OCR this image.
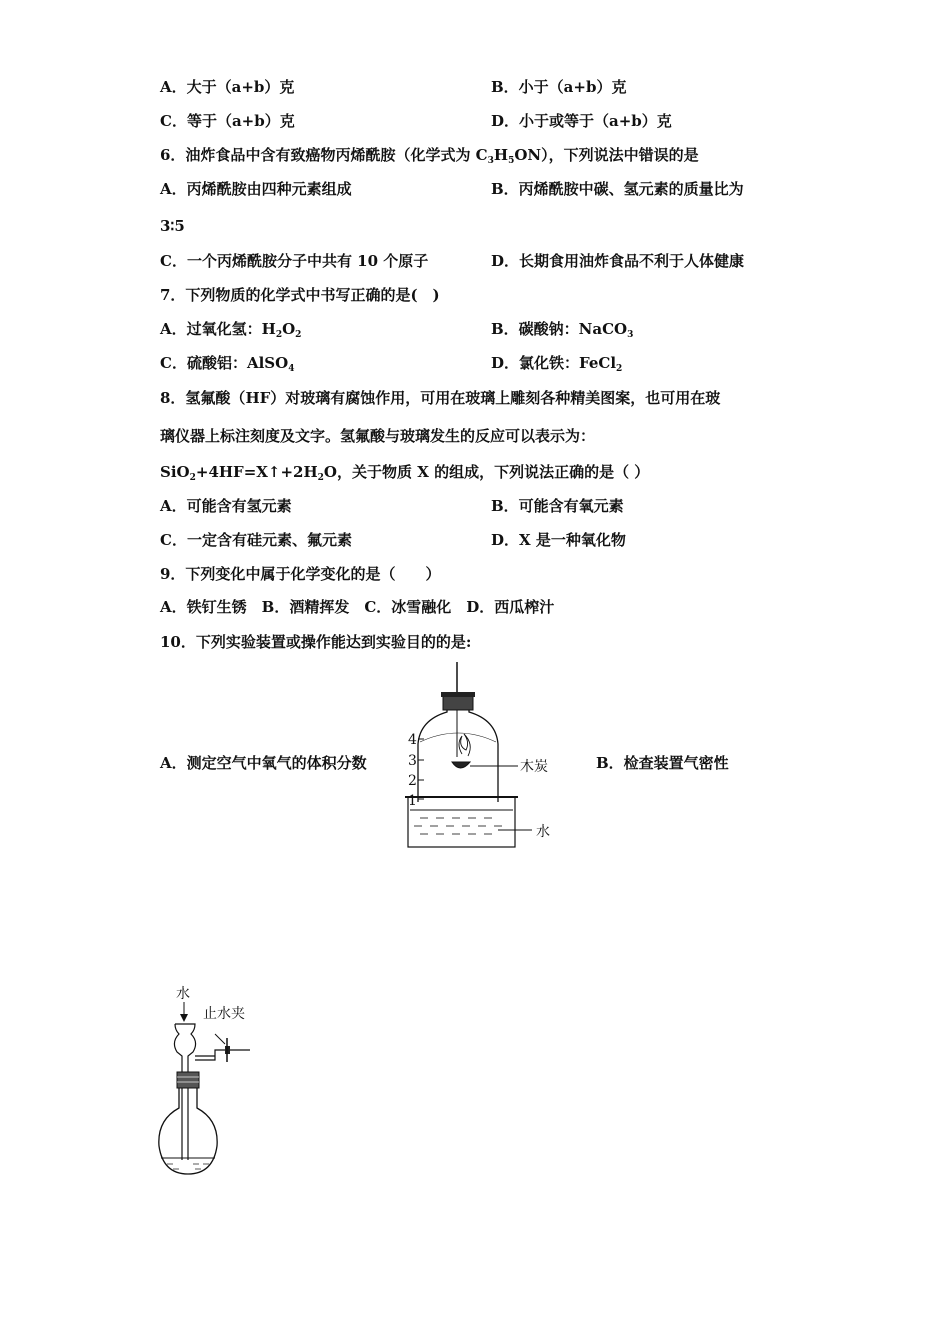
A．大于（a+b）克	B．小于（a+b）克
C．等于（a+b）克	D．小于或等于（a+b）克
6．油炸食品中含有致癌物丙烯酰胺（化学式为 $C_3H_5ON$），下列说法中错误的是
A．丙烯酰胺由四种元素组成	B．丙烯酰胺中碳、氢元素的质量比为
3∶5
C．一个丙烯酰胺分子中共有 10 个原子	D．长期食用油炸食品不利于人体健康
7．下列物质的化学式中书写正确的是(　)
A．过氧化氢：$H_2O_2$	B．碳酸钠：NaCO$_3$
C．硫酸铝：AlSO$_4$	D．氯化铁：FeCl$_2$
8．氢氟酸（HF）对玻璃有腐蚀作用，可用在玻璃上雕刻各种精美图案，也可用在玻
璃仪器上标注刻度及文字。氢氟酸与玻璃发生的反应可以表示为：
$SiO_2+4HF=X↑+2H_2O$，关于物质 X 的组成，下列说法正确的是（ ）
A．可能含有氢元素	B．可能含有氧元素
C．一定含有硅元素、氟元素	D．X 是一种氧化物
9．下列变化中属于化学变化的是（　　）
A．铁钉生锈　B．酒精挥发　C．冰雪融化　D．西瓜榨汁
10．下列实验装置或操作能达到实验目的的是:
A．测定空气中氧气的体积分数	B．检查装置气密性
4
3
2
1
木炭
水
水
止水夹
